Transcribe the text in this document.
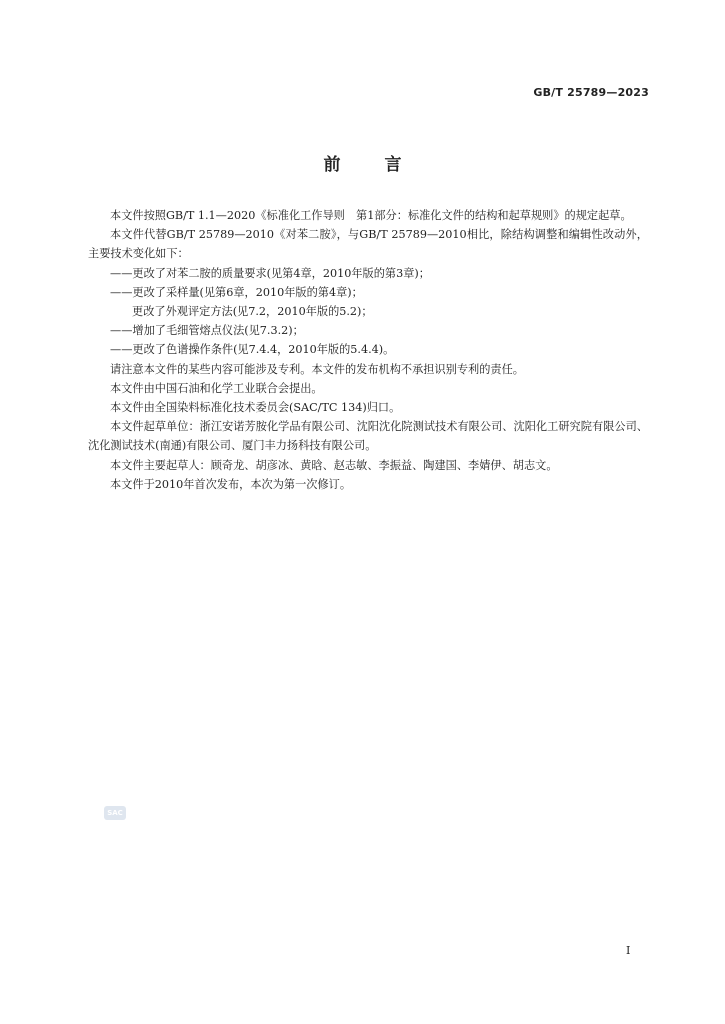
GB/T 25789—2023
前言

本文件按照GB/T 1.1—2020《标准化工作导则　第1部分：标准化文件的结构和起草规则》的规定起草。

本文件代替GB/T 25789—2010《对苯二胺》，与GB/T 25789—2010相比，除结构调整和编辑性改动外，主要技术变化如下：

——更改了对苯二胺的质量要求(见第4章，2010年版的第3章)；

——更改了采样量(见第6章，2010年版的第4章)；

更改了外观评定方法(见7.2，2010年版的5.2)；

——增加了毛细管熔点仪法(见7.3.2)；

——更改了色谱操作条件(见7.4.4，2010年版的5.4.4)。

请注意本文件的某些内容可能涉及专利。本文件的发布机构不承担识别专利的责任。

本文件由中国石油和化学工业联合会提出。

本文件由全国染料标准化技术委员会(SAC/TC 134)归口。

本文件起草单位：浙江安诺芳胺化学品有限公司、沈阳沈化院测试技术有限公司、沈阳化工研究院有限公司、沈化测试技术(南通)有限公司、厦门丰力扬科技有限公司。

本文件主要起草人：顾奇龙、胡彦冰、黄晗、赵志敏、李振益、陶建国、李婧伊、胡志文。

本文件于2010年首次发布，本次为第一次修订。

SAC
I
